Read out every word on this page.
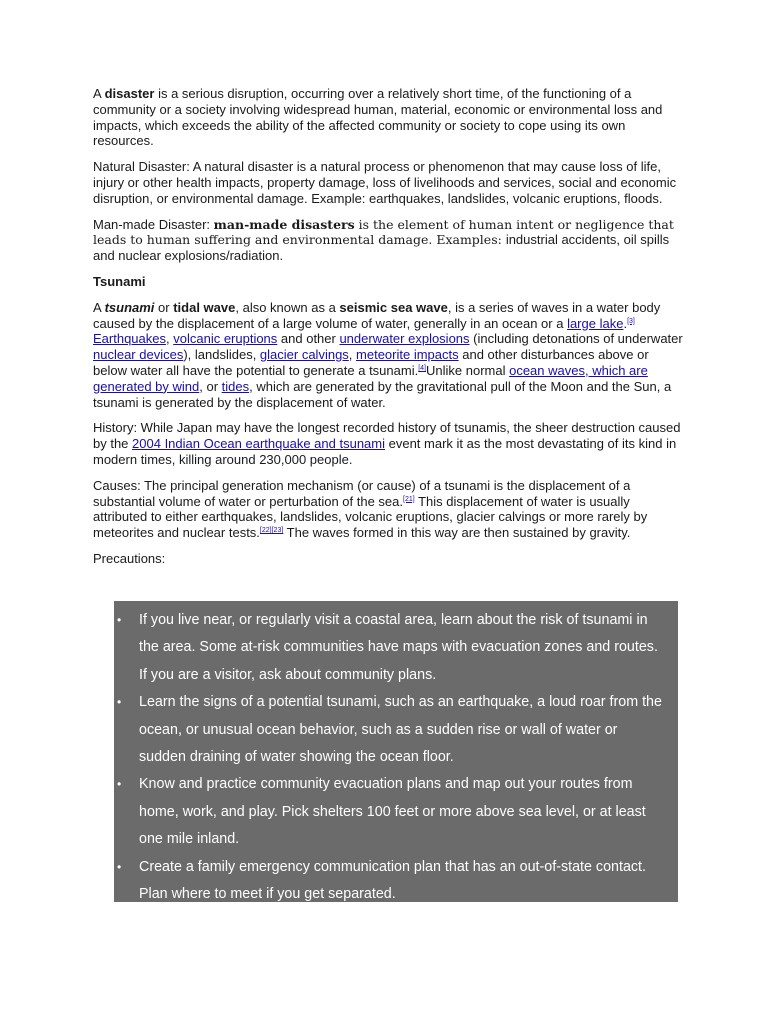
A disaster is a serious disruption, occurring over a relatively short time, of the functioning of a community or a society involving widespread human, material, economic or environmental loss and impacts, which exceeds the ability of the affected community or society to cope using its own resources.

Natural Disaster: A natural disaster is a natural process or phenomenon that may cause loss of life, injury or other health impacts, property damage, loss of livelihoods and services, social and economic disruption, or environmental damage. Example: earthquakes, landslides, volcanic eruptions, floods.

Man-made Disaster: man-made disasters is the element of human intent or negligence that leads to human suffering and environmental damage. Examples: industrial accidents, oil spills and nuclear explosions/radiation.

Tsunami

A tsunami or tidal wave, also known as a seismic sea wave, is a series of waves in a water body caused by the displacement of a large volume of water, generally in an ocean or a large lake.[3] Earthquakes, volcanic eruptions and other underwater explosions (including detonations of underwater nuclear devices), landslides, glacier calvings, meteorite impacts and other disturbances above or below water all have the potential to generate a tsunami.[4]Unlike normal ocean waves, which are generated by wind, or tides, which are generated by the gravitational pull of the Moon and the Sun, a tsunami is generated by the displacement of water.

History: While Japan may have the longest recorded history of tsunamis, the sheer destruction caused by the 2004 Indian Ocean earthquake and tsunami event mark it as the most devastating of its kind in modern times, killing around 230,000 people.

Causes: The principal generation mechanism (or cause) of a tsunami is the displacement of a substantial volume of water or perturbation of the sea.[21] This displacement of water is usually attributed to either earthquakes, landslides, volcanic eruptions, glacier calvings or more rarely by meteorites and nuclear tests.[22][23] The waves formed in this way are then sustained by gravity.

Precautions:

• If you live near, or regularly visit a coastal area, learn about the risk of tsunami in the area. Some at-risk communities have maps with evacuation zones and routes. If you are a visitor, ask about community plans.
• Learn the signs of a potential tsunami, such as an earthquake, a loud roar from the ocean, or unusual ocean behavior, such as a sudden rise or wall of water or sudden draining of water showing the ocean floor.
• Know and practice community evacuation plans and map out your routes from home, work, and play. Pick shelters 100 feet or more above sea level, or at least one mile inland.
• Create a family emergency communication plan that has an out-of-state contact. Plan where to meet if you get separated.
